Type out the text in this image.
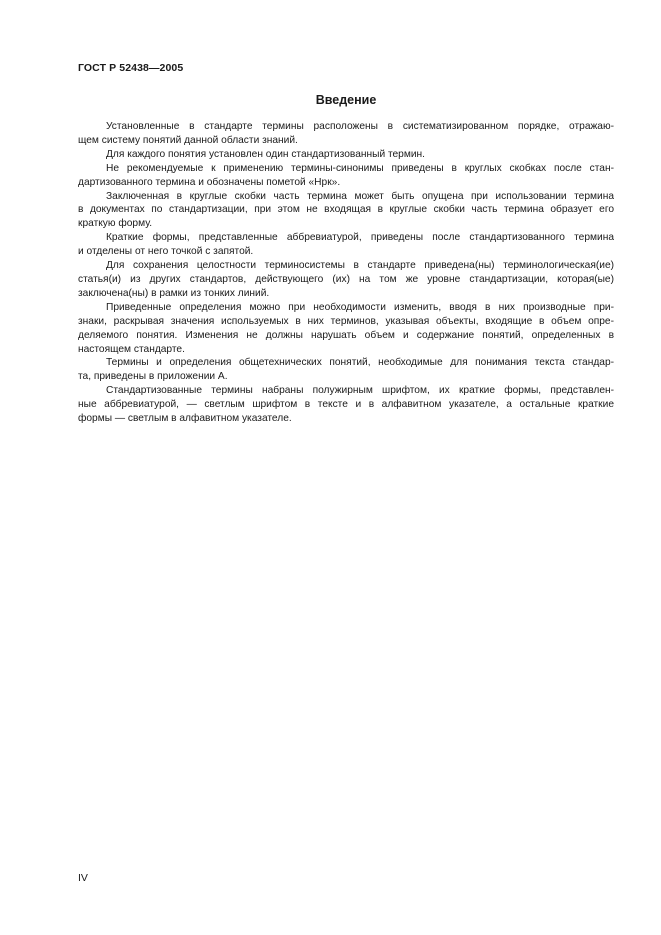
ГОСТ Р 52438—2005
Введение

Установленные в стандарте термины расположены в систематизированном порядке, отражаю-
щем систему понятий данной области знаний.

Для каждого понятия установлен один стандартизованный термин.

Не рекомендуемые к применению термины-синонимы приведены в круглых скобках после стан-
дартизованного термина и обозначены пометой «Нрк».

Заключенная в круглые скобки часть термина может быть опущена при использовании термина
в документах по стандартизации, при этом не входящая в круглые скобки часть термина образует его
краткую форму.

Краткие формы, представленные аббревиатурой, приведены после стандартизованного термина
и отделены от него точкой с запятой.

Для сохранения целостности терминосистемы в стандарте приведена(ны) терминологическая(ие)
статья(и) из других стандартов, действующего (их) на том же уровне стандартизации, которая(ые)
заключена(ны) в рамки из тонких линий.

Приведенные определения можно при необходимости изменить, вводя в них производные при-
знаки, раскрывая значения используемых в них терминов, указывая объекты, входящие в объем опре-
деляемого понятия. Изменения не должны нарушать объем и содержание понятий, определенных в
настоящем стандарте.

Термины и определения общетехнических понятий, необходимые для понимания текста стандар-
та, приведены в приложении А.

Стандартизованные термины набраны полужирным шрифтом, их краткие формы, представлен-
ные аббревиатурой, — светлым шрифтом в тексте и в алфавитном указателе, а остальные краткие
формы — светлым в алфавитном указателе.

IV
